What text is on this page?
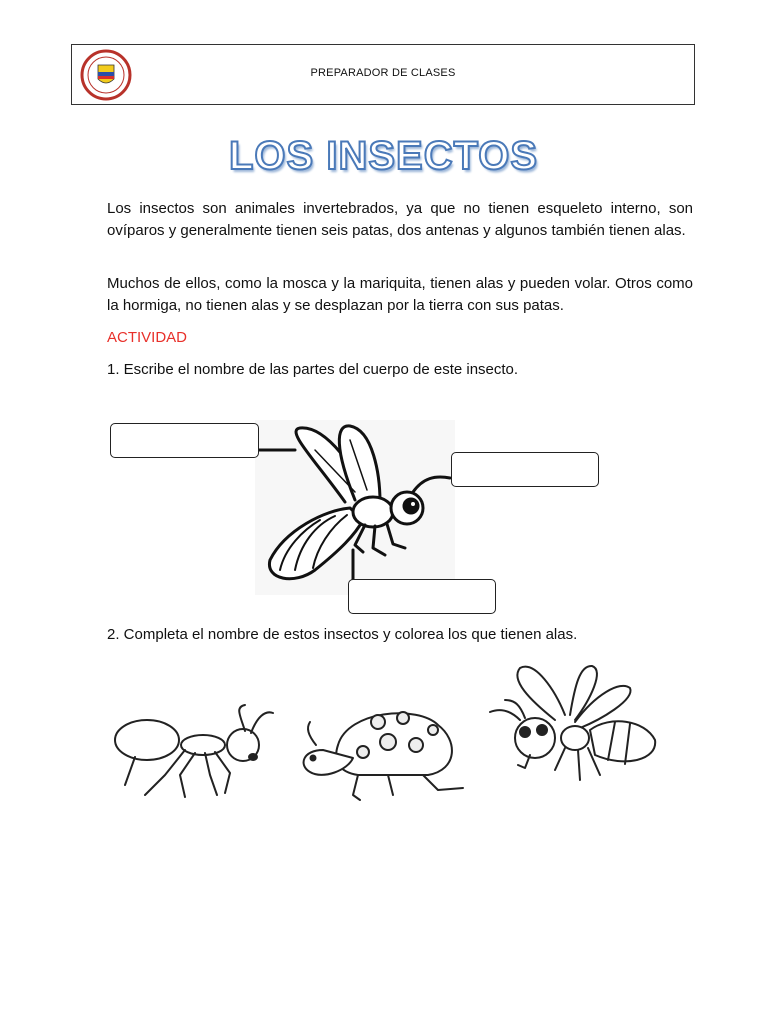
PREPARADOR DE CLASES
LOS INSECTOS
Los insectos son animales invertebrados, ya que no tienen esqueleto interno, son ovíparos y generalmente tienen seis patas, dos antenas y algunos también tienen alas.
Muchos de ellos, como la mosca y la mariquita, tienen alas y pueden volar. Otros como la hormiga, no tienen alas y se desplazan por la tierra con sus patas.
ACTIVIDAD
1. Escribe el nombre de las partes del cuerpo de este insecto.
2. Completa el nombre de estos insectos y colorea los que tienen alas.
